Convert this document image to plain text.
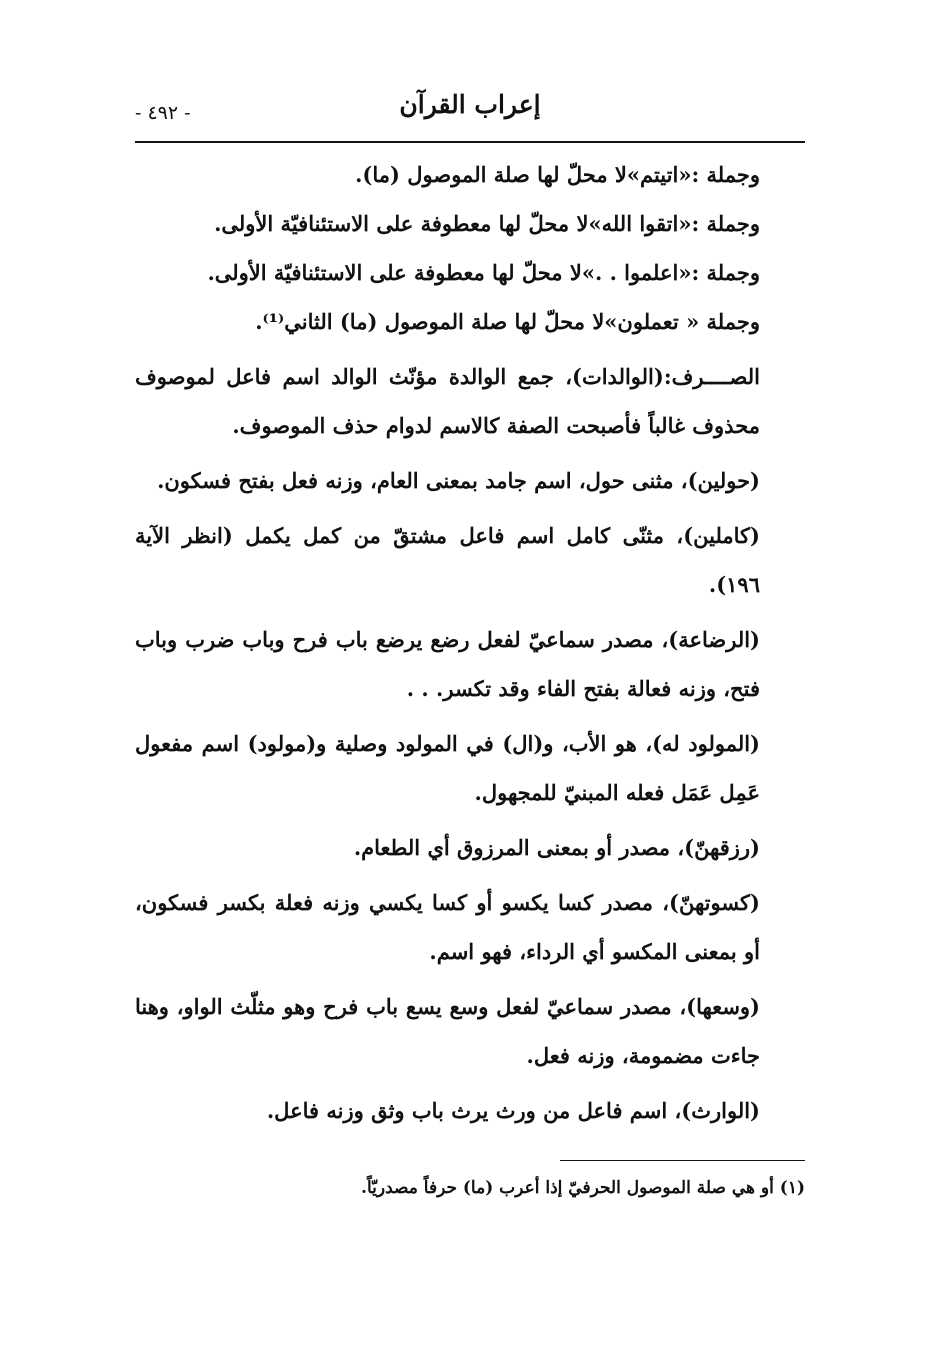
- ٤٩٢ -	إعراب القرآن

وجملة :«اتيتم»لا محلّ لها صلة الموصول (ما).

وجملة :«اتقوا الله»لا محلّ لها معطوفة على الاستئنافيّة الأولى.

وجملة :«اعلموا . .»لا محلّ لها معطوفة على الاستئنافيّة الأولى.

وجملة « تعملون»لا محلّ لها صلة الموصول (ما) الثاني⁽¹⁾.

الصــــرف:(الوالدات)، جمع الوالدة مؤنّث الوالد اسم فاعل لموصوف محذوف غالباً فأصبحت الصفة كالاسم لدوام حذف الموصوف.

(حولين)، مثنى حول، اسم جامد بمعنى العام، وزنه فعل بفتح فسكون.

(كاملين)، مثنّى كامل اسم فاعل مشتقّ من كمل يكمل (انظر الآية ١٩٦).

(الرضاعة)، مصدر سماعيّ لفعل رضع يرضع باب فرح وباب ضرب وباب فتح، وزنه فعالة بفتح الفاء وقد تكسر. . .

(المولود له)، هو الأب، و(ال) في المولود وصلية و(مولود) اسم مفعول عَمِل عَمَل فعله المبنيّ للمجهول.

(رزقهنّ)، مصدر أو بمعنى المرزوق أي الطعام.

(كسوتهنّ)، مصدر كسا يكسو أو كسا يكسي وزنه فعلة بكسر فسكون، أو بمعنى المكسو أي الرداء، فهو اسم.

(وسعها)، مصدر سماعيّ لفعل وسع يسع باب فرح وهو مثلّث الواو، وهنا جاءت مضمومة، وزنه فعل.

(الوارث)، اسم فاعل من ورث يرث باب وثق وزنه فاعل.

(١) أو هي صلة الموصول الحرفيّ إذا أعرب (ما) حرفاً مصدريّاً.
